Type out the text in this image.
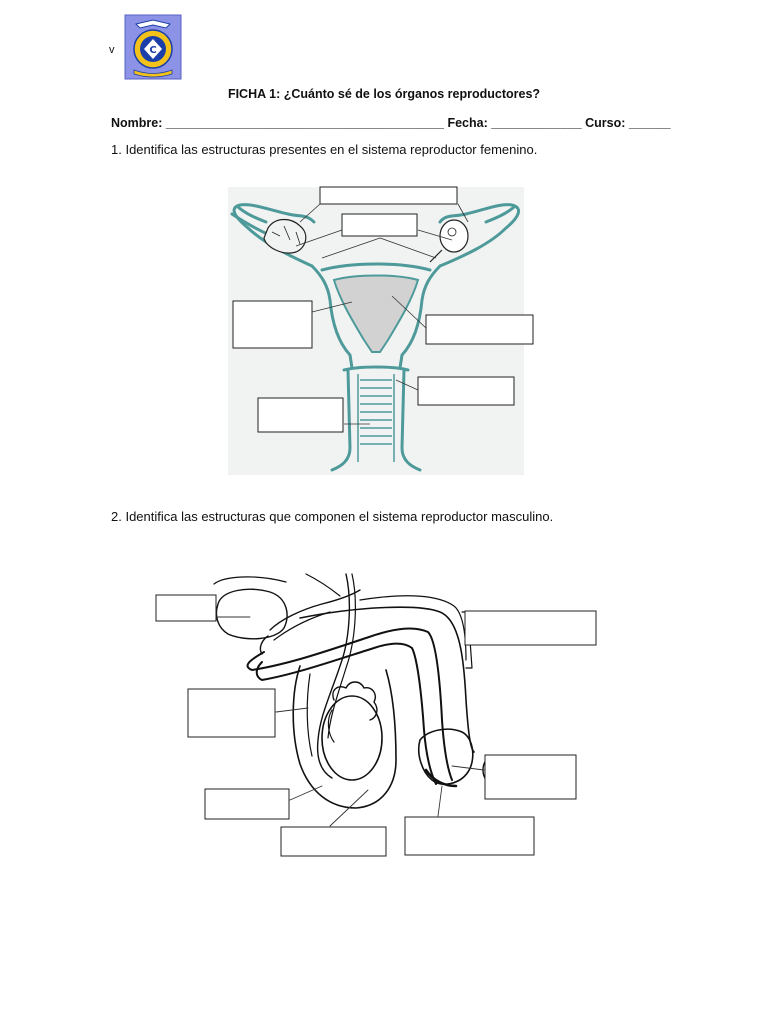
v	C
FICHA 1: ¿Cuánto sé de los órganos reproductores?
Nombre: ________________________________________ Fecha: _____________ Curso: ______
1. Identifica las estructuras presentes en el sistema reproductor femenino.
2. Identifica las estructuras que componen el sistema reproductor masculino.
